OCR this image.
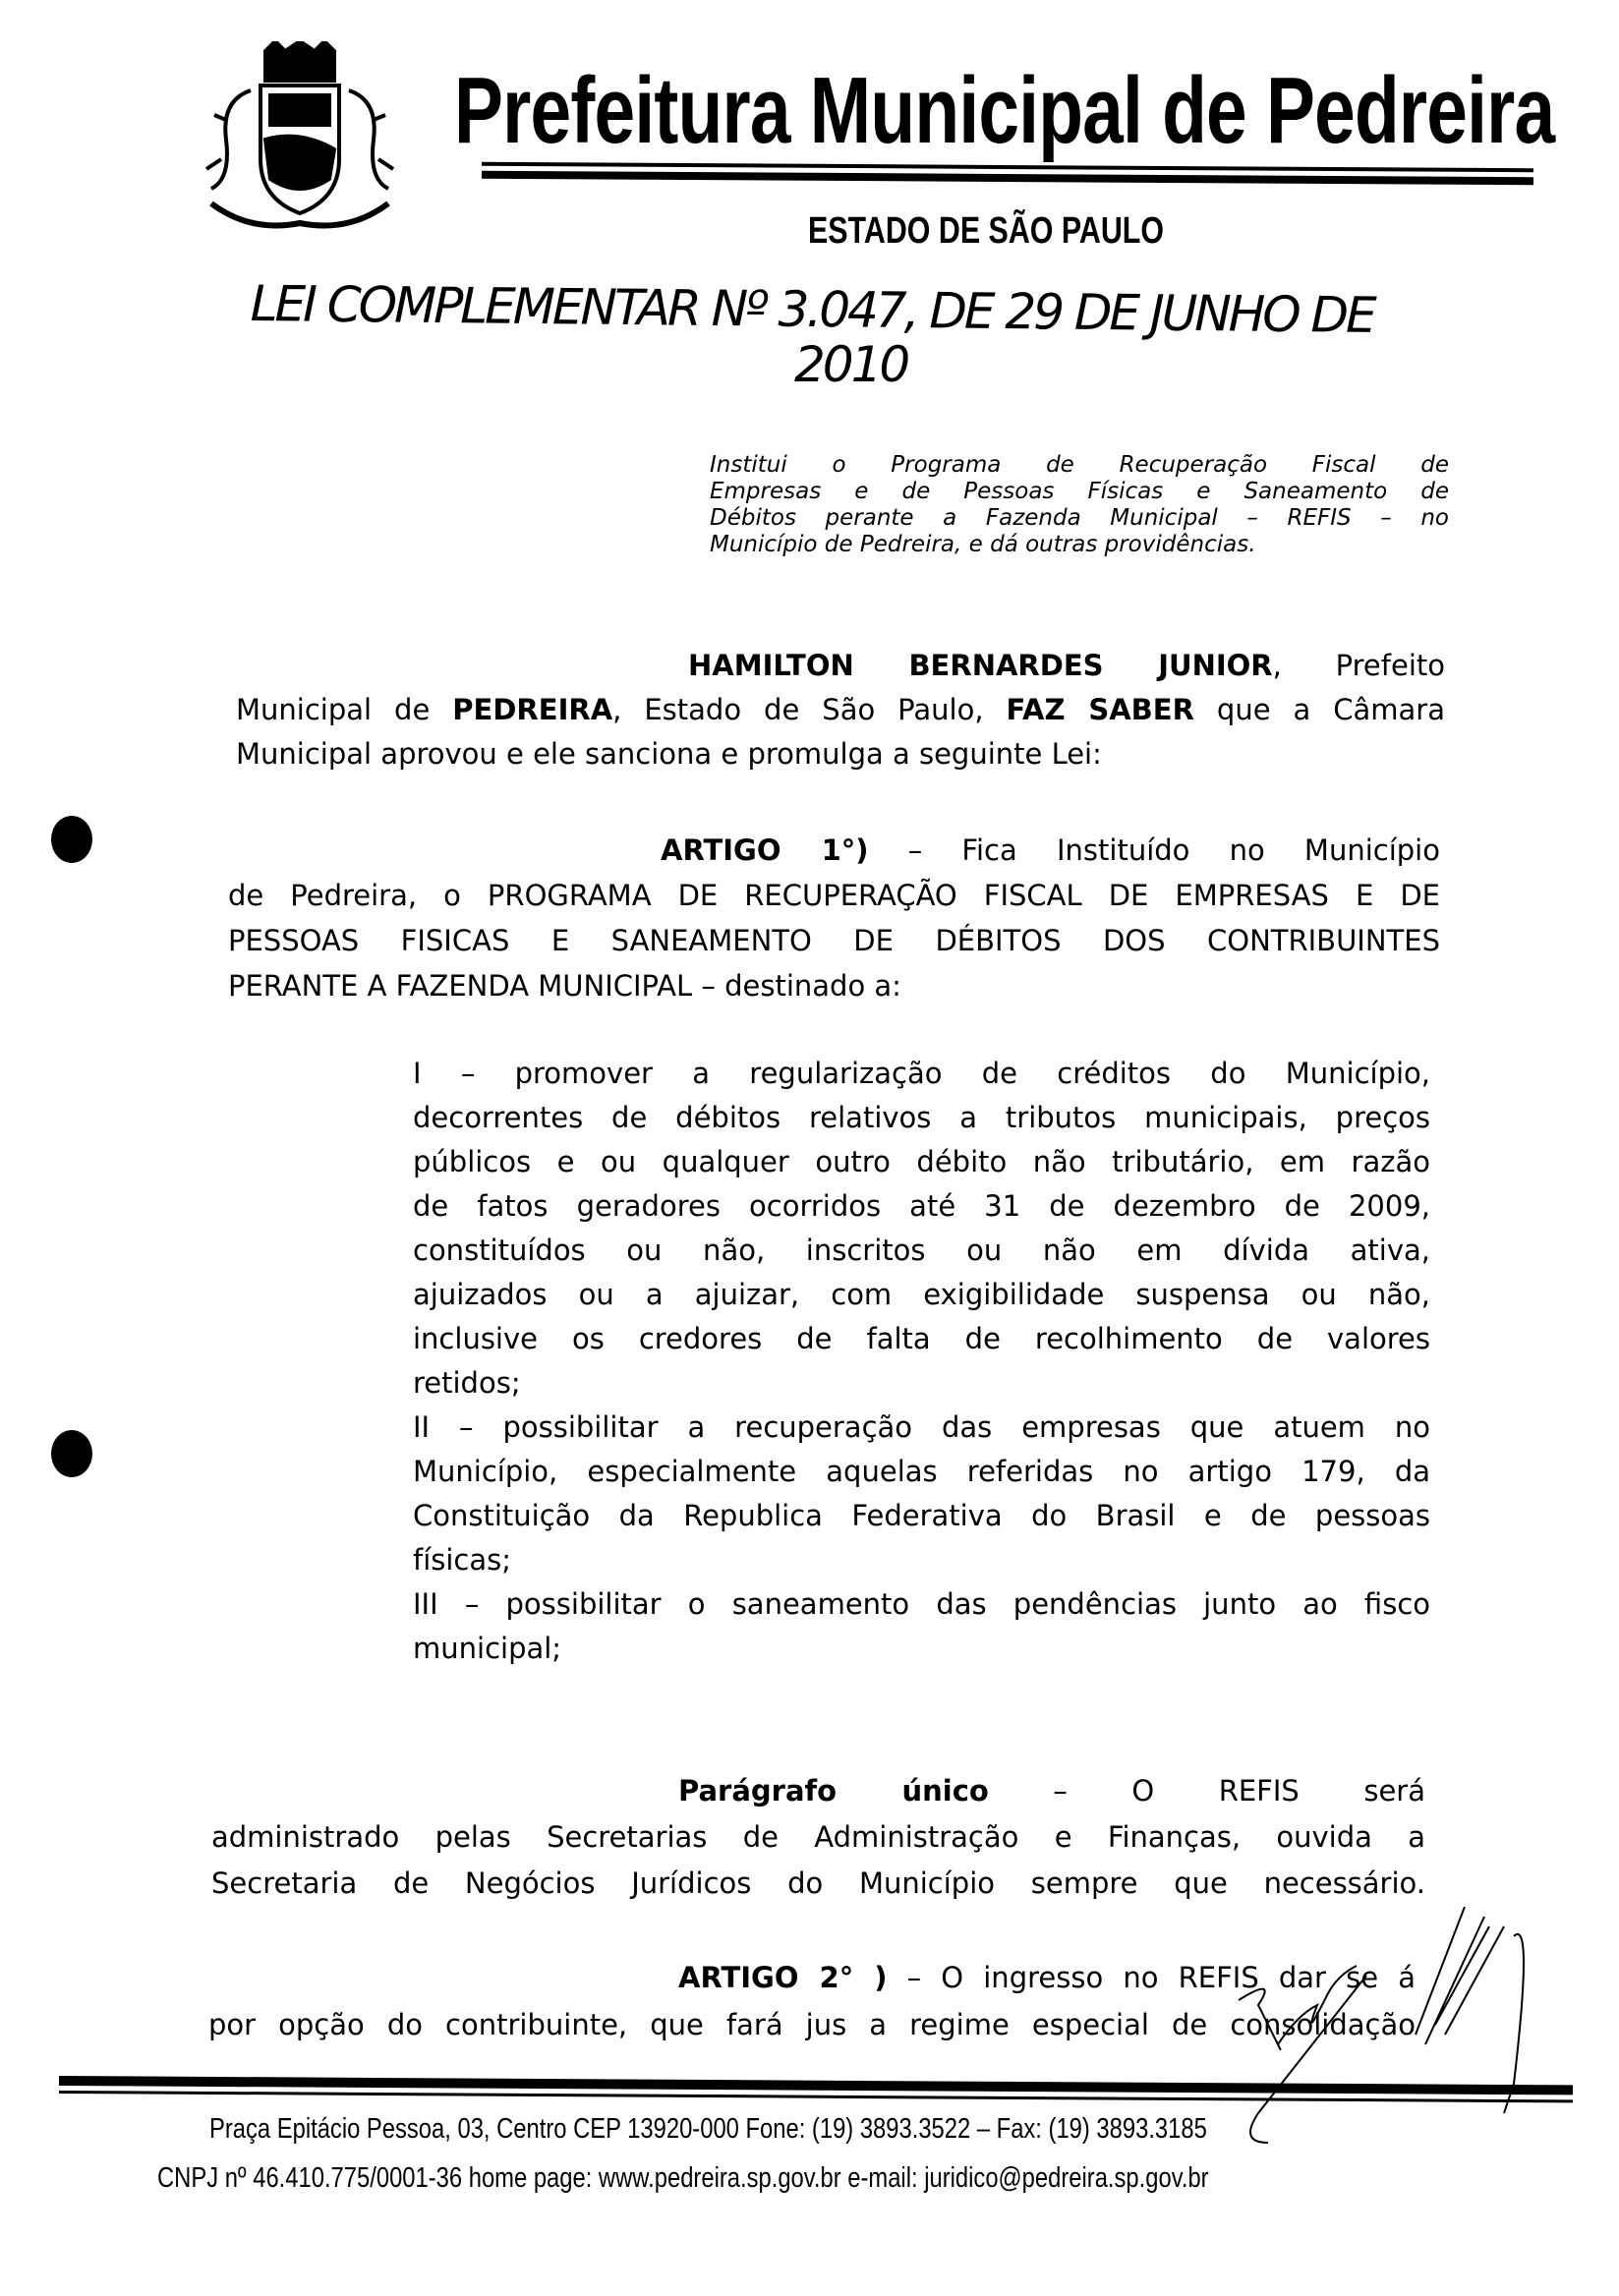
Prefeitura Municipal de Pedreira
ESTADO DE SÃO PAULO
LEI COMPLEMENTAR Nº 3.047, DE 29 DE JUNHO DE
2010
Institui o Programa de Recuperação Fiscal de
Empresas e de Pessoas Físicas e Saneamento de
Débitos perante a Fazenda Municipal – REFIS – no
Município de Pedreira, e dá outras providências.
HAMILTON BERNARDES JUNIOR, Prefeito
Municipal de PEDREIRA, Estado de São Paulo, FAZ SABER que a Câmara
Municipal aprovou e ele sanciona e promulga a seguinte Lei:
ARTIGO 1°) – Fica Instituído no Município
de Pedreira, o PROGRAMA DE RECUPERAÇÃO FISCAL DE EMPRESAS E DE
PESSOAS FISICAS E SANEAMENTO DE DÉBITOS DOS CONTRIBUINTES
PERANTE A FAZENDA MUNICIPAL – destinado a:
I – promover a regularização de créditos do Município,
decorrentes de débitos relativos a tributos municipais, preços
públicos e ou qualquer outro débito não tributário, em razão
de fatos geradores ocorridos até 31 de dezembro de 2009,
constituídos ou não, inscritos ou não em dívida ativa,
ajuizados ou a ajuizar, com exigibilidade suspensa ou não,
inclusive os credores de falta de recolhimento de valores
retidos;
II – possibilitar a recuperação das empresas que atuem no
Município, especialmente aquelas referidas no artigo 179, da
Constituição da Republica Federativa do Brasil e de pessoas
físicas;
III – possibilitar o saneamento das pendências junto ao fisco
municipal;
Parágrafo único – O REFIS será
administrado pelas Secretarias de Administração e Finanças, ouvida a
Secretaria de Negócios Jurídicos do Município sempre que necessário.
ARTIGO 2° ) – O ingresso no REFIS dar se á
por opção do contribuinte, que fará jus a regime especial de consolidação
Praça Epitácio Pessoa, 03, Centro CEP 13920-000 Fone: (19) 3893.3522 – Fax: (19) 3893.3185
CNPJ nº 46.410.775/0001-36 home page: www.pedreira.sp.gov.br e-mail: juridico@pedreira.sp.gov.br
